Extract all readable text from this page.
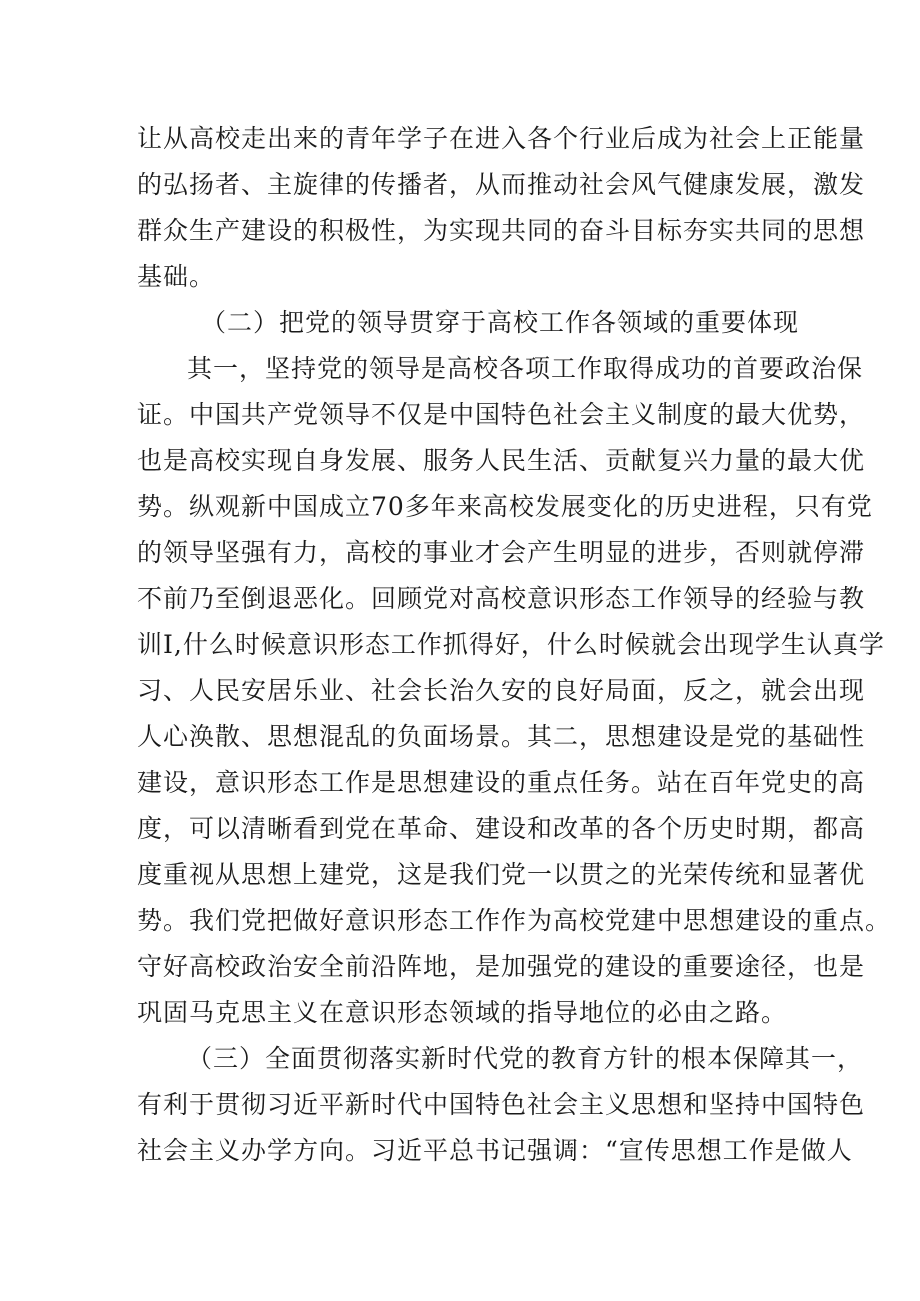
让从高校走出来的青年学子在进入各个行业后成为社会上正能量
的弘扬者、主旋律的传播者，从而推动社会风气健康发展，激发
群众生产建设的积极性，为实现共同的奋斗目标夯实共同的思想
基础。
（二）把党的领导贯穿于高校工作各领域的重要体现
其一，坚持党的领导是高校各项工作取得成功的首要政治保
证。中国共产党领导不仅是中国特色社会主义制度的最大优势，
也是高校实现自身发展、服务人民生活、贡献复兴力量的最大优
势。纵观新中国成立70多年来高校发展变化的历史进程，只有党
的领导坚强有力，高校的事业才会产生明显的进步，否则就停滞
不前乃至倒退恶化。回顾党对高校意识形态工作领导的经验与教
训I,什么时候意识形态工作抓得好，什么时候就会出现学生认真学
习、人民安居乐业、社会长治久安的良好局面，反之，就会出现
人心涣散、思想混乱的负面场景。其二，思想建设是党的基础性
建设，意识形态工作是思想建设的重点任务。站在百年党史的高
度，可以清晰看到党在革命、建设和改革的各个历史时期，都高
度重视从思想上建党，这是我们党一以贯之的光荣传统和显著优
势。我们党把做好意识形态工作作为高校党建中思想建设的重点。
守好高校政治安全前沿阵地，是加强党的建设的重要途径，也是
巩固马克思主义在意识形态领域的指导地位的必由之路。
（三）全面贯彻落实新时代党的教育方针的根本保障其一，
有利于贯彻习近平新时代中国特色社会主义思想和坚持中国特色
社会主义办学方向。习近平总书记强调：“宣传思想工作是做人
